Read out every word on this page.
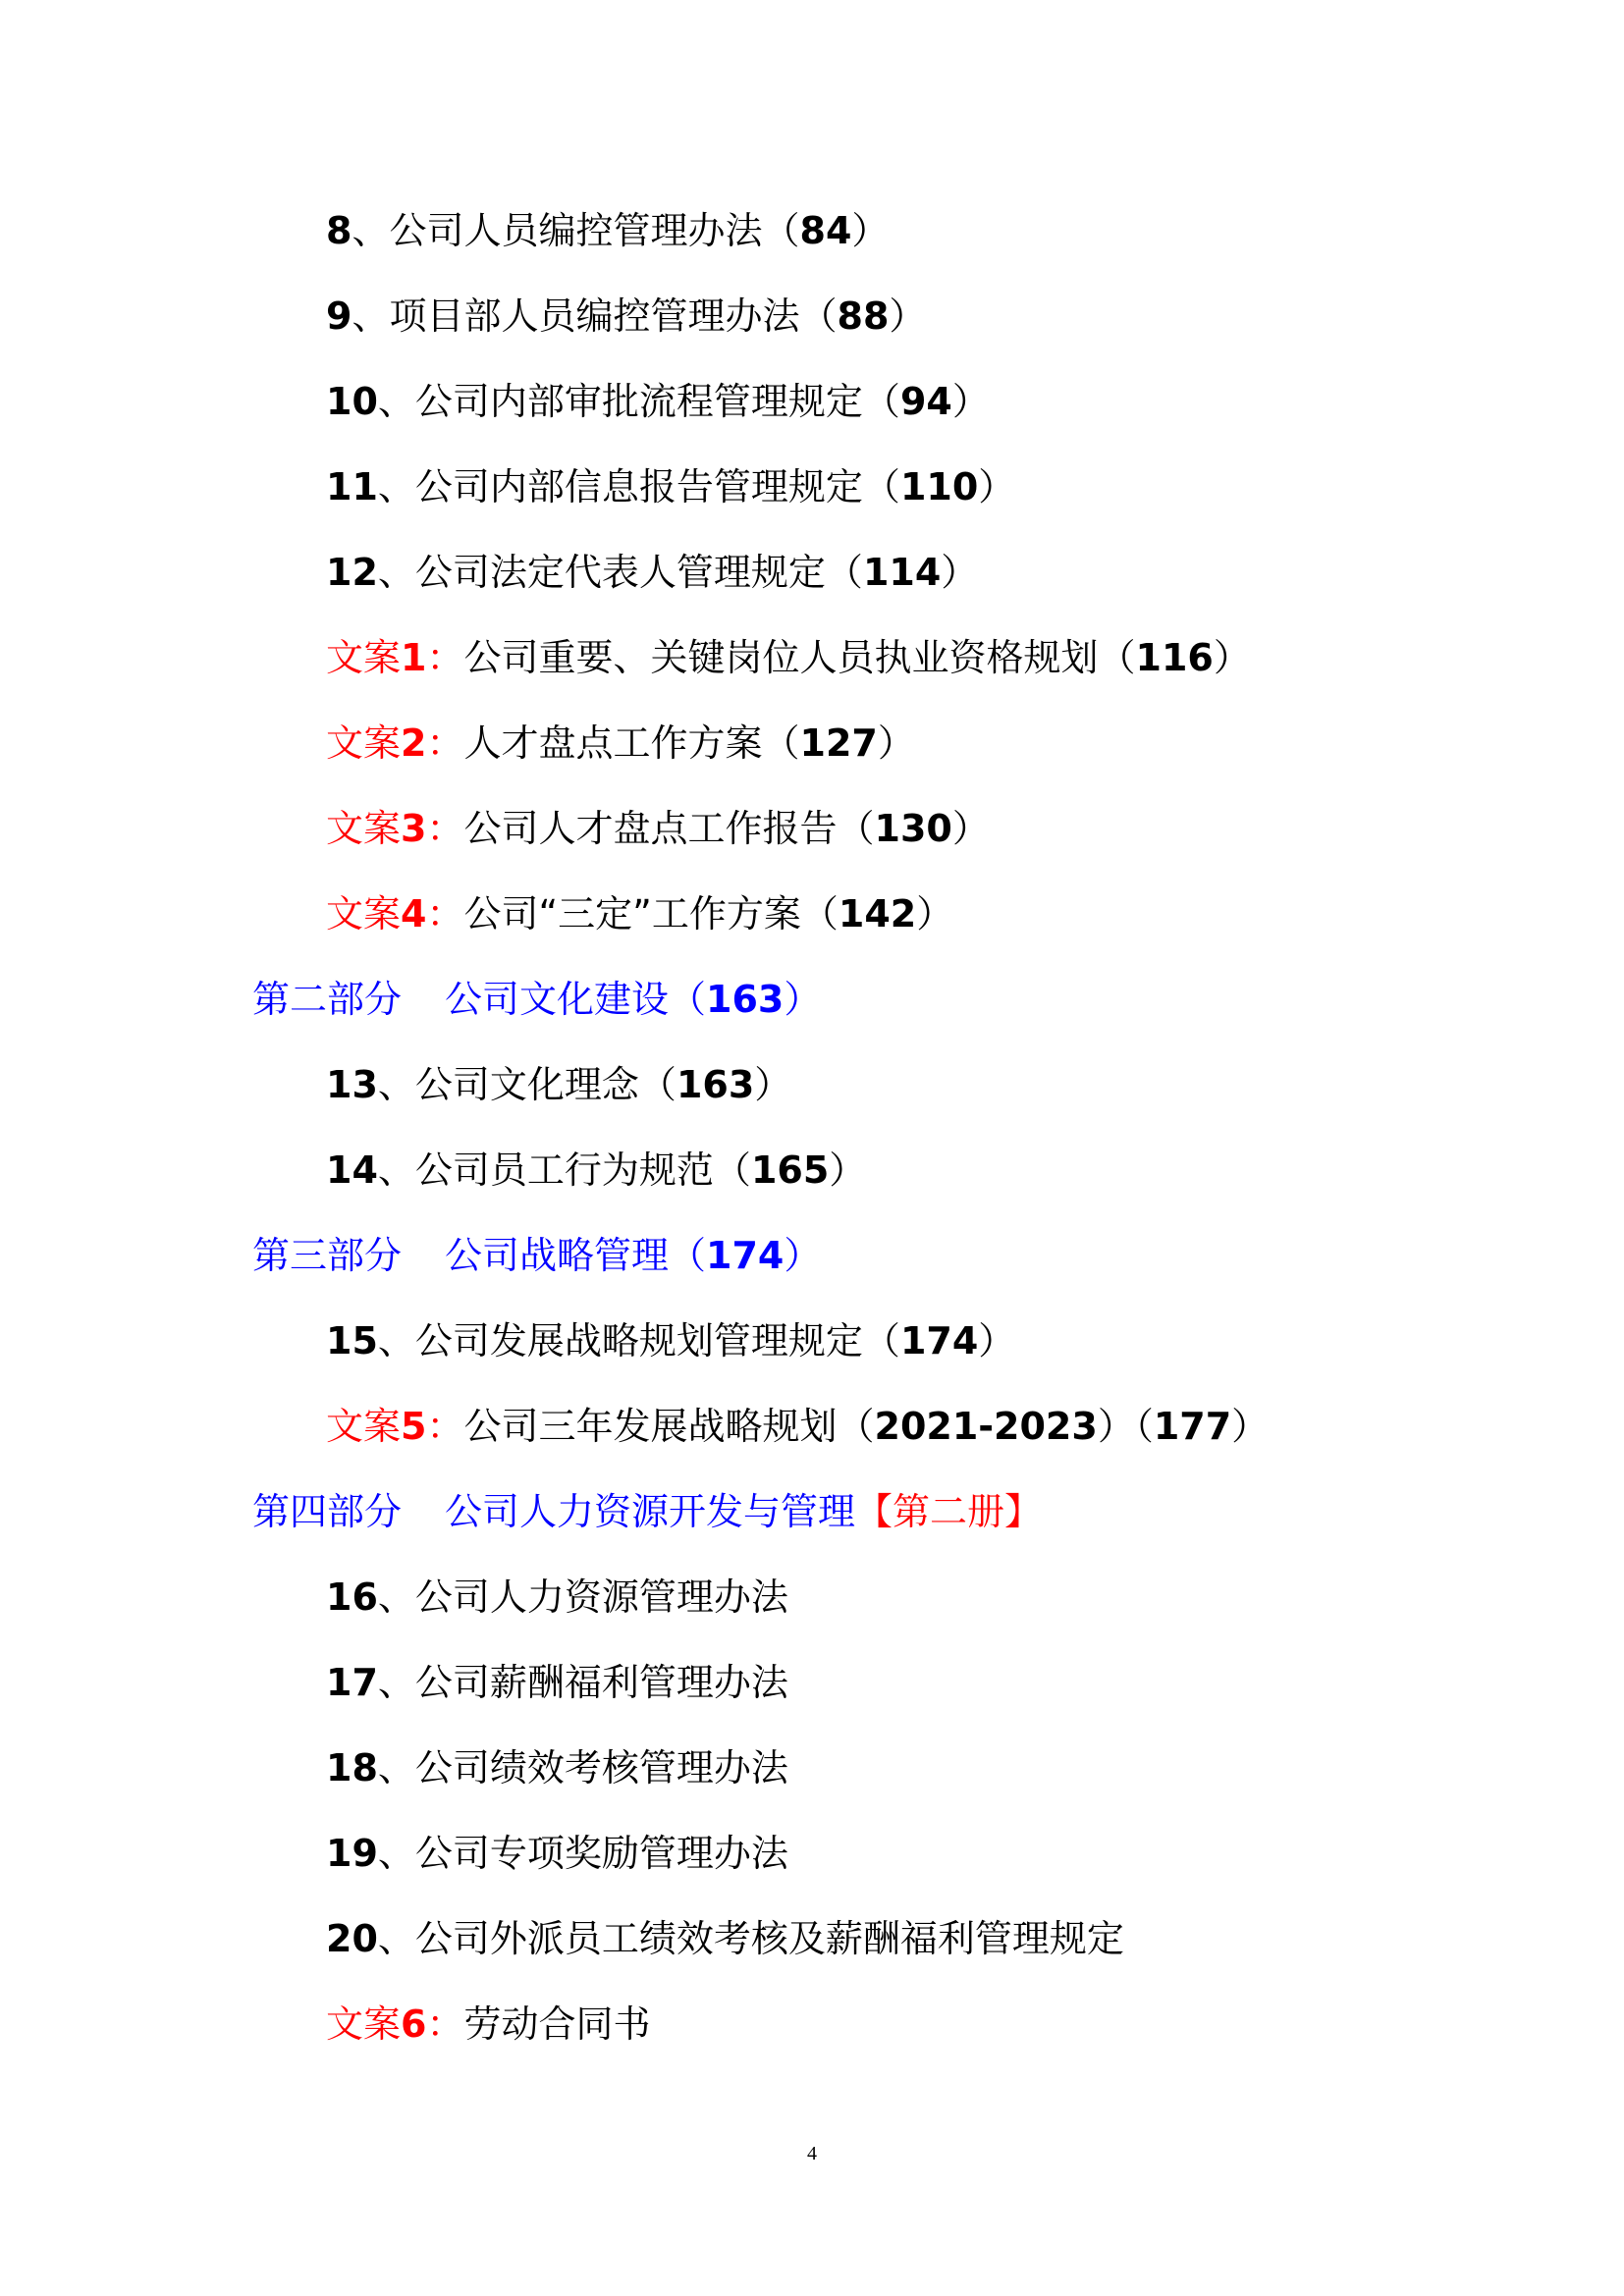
8、公司人员编控管理办法（84）
9、项目部人员编控管理办法（88）
10、公司内部审批流程管理规定（94）
11、公司内部信息报告管理规定（110）
12、公司法定代表人管理规定（114）
文案1：公司重要、关键岗位人员执业资格规划（116）
文案2：人才盘点工作方案（127）
文案3：公司人才盘点工作报告（130）
文案4：公司“三定”工作方案（142）
第二部分 公司文化建设（163）
13、公司文化理念（163）
14、公司员工行为规范（165）
第三部分 公司战略管理（174）
15、公司发展战略规划管理规定（174）
文案5：公司三年发展战略规划（2021-2023）（177）
第四部分 公司人力资源开发与管理【第二册】
16、公司人力资源管理办法
17、公司薪酬福利管理办法
18、公司绩效考核管理办法
19、公司专项奖励管理办法
20、公司外派员工绩效考核及薪酬福利管理规定
文案6：劳动合同书
4
